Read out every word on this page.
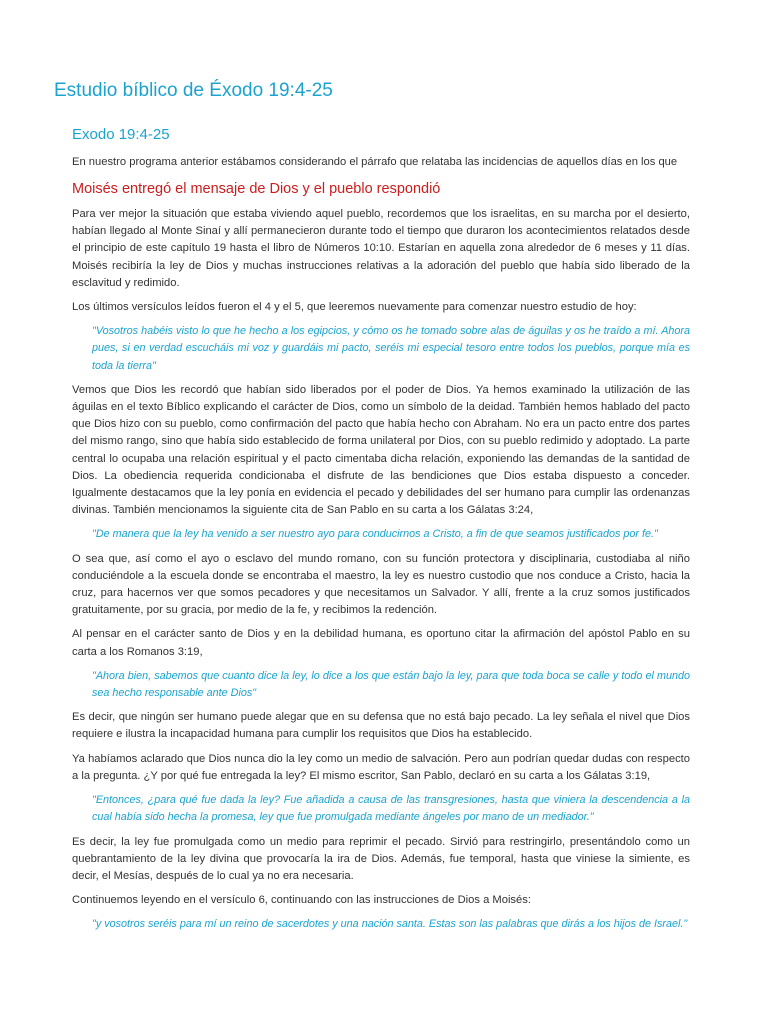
Estudio bíblico de Éxodo 19:4-25
Exodo 19:4-25

En nuestro programa anterior estábamos considerando el párrafo que relataba las incidencias de aquellos días en los que

Moisés entregó el mensaje de Dios y el pueblo respondió

Para ver mejor la situación que estaba viviendo aquel pueblo, recordemos que los israelitas, en su marcha por el desierto, habían llegado al Monte Sinaí y allí permanecieron durante todo el tiempo que duraron los acontecimientos relatados desde el principio de este capítulo 19 hasta el libro de Números 10:10. Estarían en aquella zona alrededor de 6 meses y 11 días. Moisés recibiría la ley de Dios y muchas instrucciones relativas a la adoración del pueblo que había sido liberado de la esclavitud y redimido.

Los últimos versículos leídos fueron el 4 y el 5, que leeremos nuevamente para comenzar nuestro estudio de hoy:

"Vosotros habéis visto lo que he hecho a los egipcios, y cómo os he tomado sobre alas de águilas y os he traído a mí. Ahora pues, si en verdad escucháis mi voz y guardáis mi pacto, seréis mi especial tesoro entre todos los pueblos, porque mía es toda la tierra"

Vemos que Dios les recordó que habían sido liberados por el poder de Dios. Ya hemos examinado la utilización de las águilas en el texto Bíblico explicando el carácter de Dios, como un símbolo de la deidad. También hemos hablado del pacto que Dios hizo con su pueblo, como confirmación del pacto que había hecho con Abraham. No era un pacto entre dos partes del mismo rango, sino que había sido establecido de forma unilateral por Dios, con su pueblo redimido y adoptado. La parte central lo ocupaba una relación espiritual y el pacto cimentaba dicha relación, exponiendo las demandas de la santidad de Dios. La obediencia requerida condicionaba el disfrute de las bendiciones que Dios estaba dispuesto a conceder. Igualmente destacamos que la ley ponía en evidencia el pecado y debilidades del ser humano para cumplir las ordenanzas divinas. También mencionamos la siguiente cita de San Pablo en su carta a los Gálatas 3:24,

"De manera que la ley ha venido a ser nuestro ayo para conducirnos a Cristo, a fin de que seamos justificados por fe."

O sea que, así como el ayo o esclavo del mundo romano, con su función protectora y disciplinaria, custodiaba al niño conduciéndole a la escuela donde se encontraba el maestro, la ley es nuestro custodio que nos conduce a Cristo, hacia la cruz, para hacernos ver que somos pecadores y que necesitamos un Salvador. Y allí, frente a la cruz somos justificados gratuitamente, por su gracia, por medio de la fe, y recibimos la redención.

Al pensar en el carácter santo de Dios y en la debilidad humana, es oportuno citar la afirmación del apóstol Pablo en su carta a los Romanos 3:19,

"Ahora bien, sabemos que cuanto dice la ley, lo dice a los que están bajo la ley, para que toda boca se calle y todo el mundo sea hecho responsable ante Dios"

Es decir, que ningún ser humano puede alegar que en su defensa que no está bajo pecado. La ley señala el nivel que Dios requiere e ilustra la incapacidad humana para cumplir los requisitos que Dios ha establecido.

Ya habíamos aclarado que Dios nunca dio la ley como un medio de salvación. Pero aun podrían quedar dudas con respecto a la pregunta. ¿Y por qué fue entregada la ley? El mismo escritor, San Pablo, declaró en su carta a los Gálatas 3:19,

"Entonces, ¿para qué fue dada la ley? Fue añadida a causa de las transgresiones, hasta que viniera la descendencia a la cual había sido hecha la promesa, ley que fue promulgada mediante ángeles por mano de un mediador."

Es decir, la ley fue promulgada como un medio para reprimir el pecado. Sirvió para restringirlo, presentándolo como un quebrantamiento de la ley divina que provocaría la ira de Dios. Además, fue temporal, hasta que viniese la simiente, es decir, el Mesías, después de lo cual ya no era necesaria.

Continuemos leyendo en el versículo 6, continuando con las instrucciones de Dios a Moisés:

"y vosotros seréis para mí un reino de sacerdotes y una nación santa. Estas son las palabras que dirás a los hijos de Israel."
